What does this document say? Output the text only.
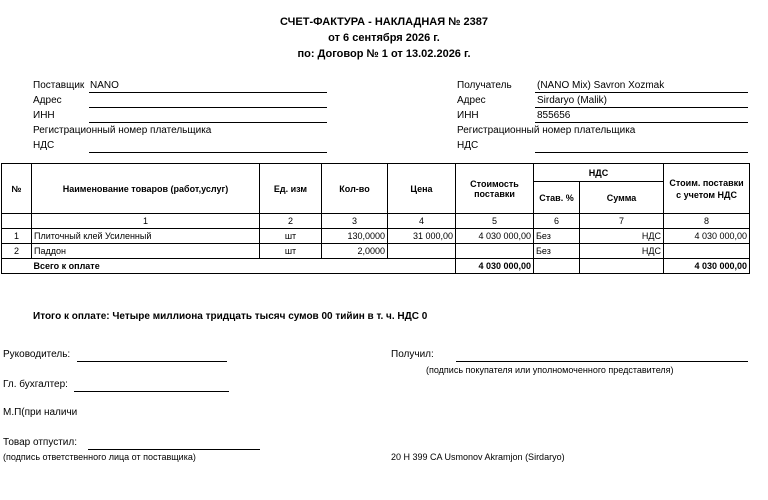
СЧЕТ-ФАКТУРА - НАКЛАДНАЯ № 2387
от 6 сентября 2026 г.
по: Договор № 1 от 13.02.2026 г.
Поставщик NANO
Адрес
ИНН
Регистрационный номер плательщика
НДС
Получатель	(NANO Mix) Savron Xozmak
Адрес	Sirdaryo (Malik)
ИНН	855656
Регистрационный номер плательщика
НДС
№	Наименование товаров (работ,услуг)	Ед. изм	Кол-во	Цена	Стоимость поставки	НДС		Стоим. поставки с учетом НДС
						Став. %	Сумма	
	1	2	3	4	5	6	7	8
1	Плиточный клей Усиленный	шт	130,0000	31 000,00	4 030 000,00	Без	НДС	4 030 000,00
2	Паддон	шт	2,0000			Без	НДС	
	Всего к оплате				4 030 000,00			4 030 000,00
Итого к оплате: Четыре миллиона тридцать тысяч сумов 00 тийин в т. ч. НДС 0
Руководитель:
Гл. бухгалтер:
М.П(при наличи
Товар отпустил:
(подпись ответственного лица от поставщика)
Получил:
(подпись покупателя или уполномоченного представителя)
20 H 399 CA Usmonov Akramjon (Sirdaryo)
